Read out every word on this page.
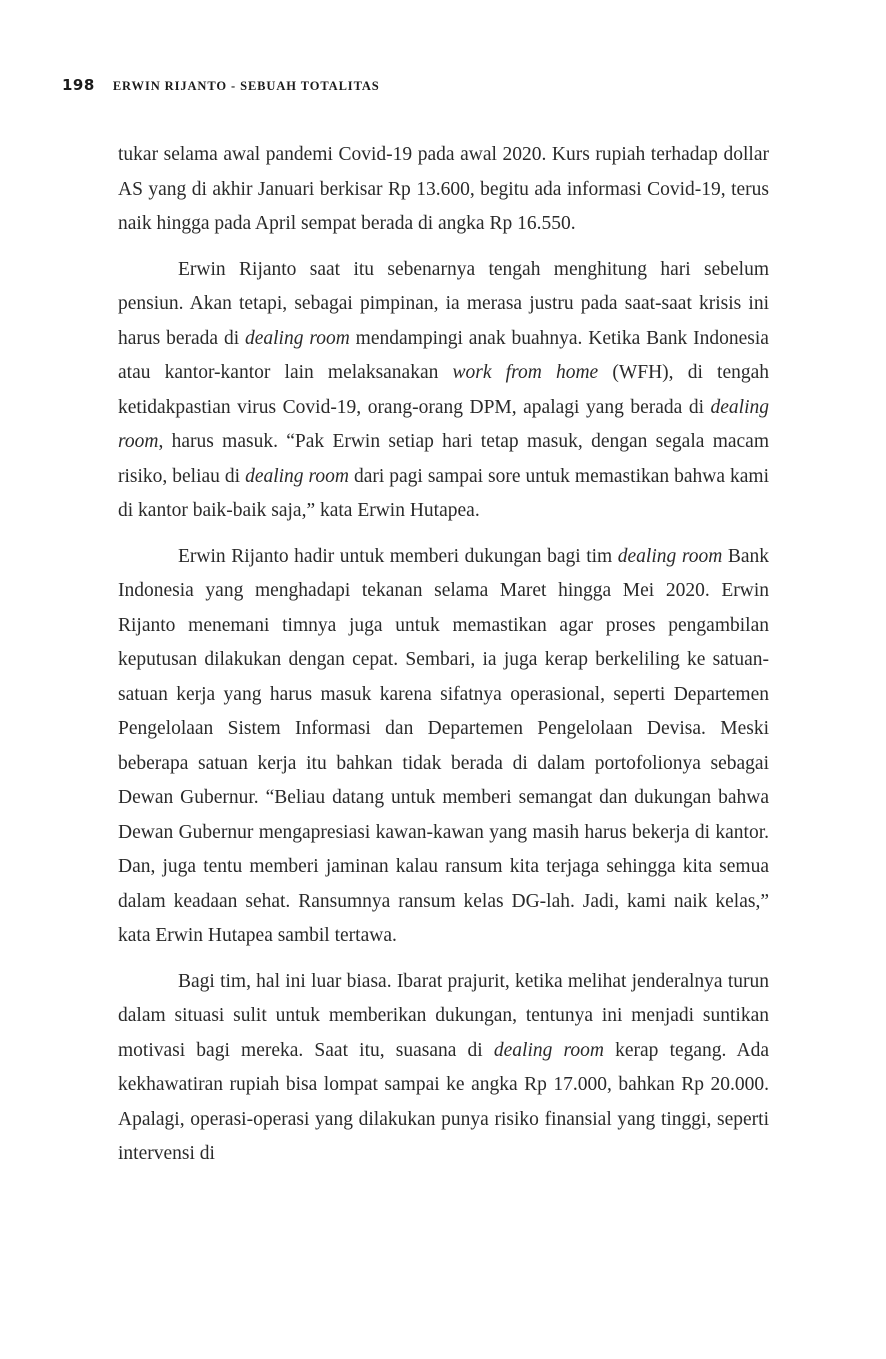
198 ERWIN RIJANTO - SEBUAH TOTALITAS

tukar selama awal pandemi Covid-19 pada awal 2020. Kurs rupiah terhadap dollar AS yang di akhir Januari berkisar Rp 13.600, begitu ada informasi Covid-19, terus naik hingga pada April sempat berada di angka Rp 16.550.

Erwin Rijanto saat itu sebenarnya tengah menghitung hari sebelum pensiun. Akan tetapi, sebagai pimpinan, ia merasa justru pada saat-saat krisis ini harus berada di dealing room mendampingi anak buahnya. Ketika Bank Indonesia atau kantor-kantor lain melaksanakan work from home (WFH), di tengah ketidakpastian virus Covid-19, orang-orang DPM, apalagi yang berada di dealing room, harus masuk. “Pak Erwin setiap hari tetap masuk, dengan segala macam risiko, beliau di dealing room dari pagi sampai sore untuk memastikan bahwa kami di kantor baik-baik saja,” kata Erwin Hutapea.

Erwin Rijanto hadir untuk memberi dukungan bagi tim dealing room Bank Indonesia yang menghadapi tekanan selama Maret hingga Mei 2020. Erwin Rijanto menemani timnya juga untuk memastikan agar proses pengambilan keputusan dilakukan dengan cepat. Sembari, ia juga kerap berkeliling ke satuan-satuan kerja yang harus masuk karena sifatnya operasional, seperti Departemen Pengelolaan Sistem Informasi dan Departemen Pengelolaan Devisa. Meski beberapa satuan kerja itu bahkan tidak berada di dalam portofolionya sebagai Dewan Gubernur. “Beliau datang untuk memberi semangat dan dukungan bahwa Dewan Gubernur mengapresiasi kawan-kawan yang masih harus bekerja di kantor. Dan, juga tentu memberi jaminan kalau ransum kita terjaga sehingga kita semua dalam keadaan sehat. Ransumnya ransum kelas DG-lah. Jadi, kami naik kelas,” kata Erwin Hutapea sambil tertawa.

Bagi tim, hal ini luar biasa. Ibarat prajurit, ketika melihat jenderalnya turun dalam situasi sulit untuk memberikan dukungan, tentunya ini menjadi suntikan motivasi bagi mereka. Saat itu, suasana di dealing room kerap tegang. Ada kekhawatiran rupiah bisa lompat sampai ke angka Rp 17.000, bahkan Rp 20.000. Apalagi, operasi-operasi yang dilakukan punya risiko finansial yang tinggi, seperti intervensi di
